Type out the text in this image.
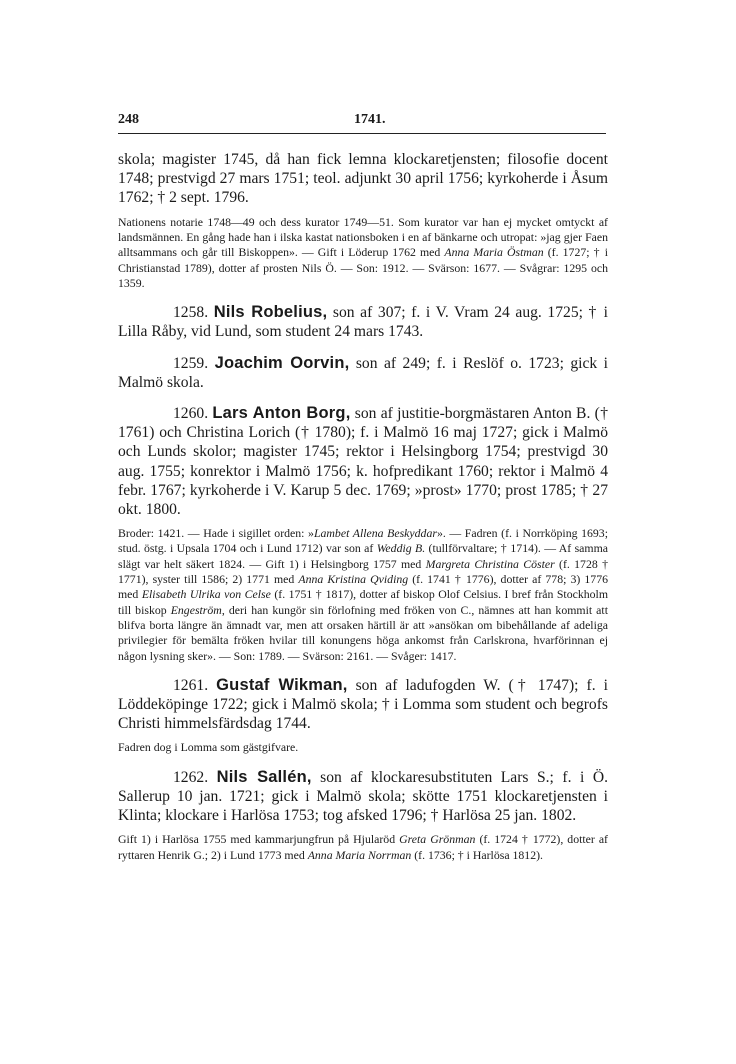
248	1741.

skola; magister 1745, då han fick lemna klockaretjensten; filosofie docent 1748; prestvigd 27 mars 1751; teol. adjunkt 30 april 1756; kyrkoherde i Åsum 1762; † 2 sept. 1796.

Nationens notarie 1748—49 och dess kurator 1749—51. Som kurator var han ej mycket omtyckt af landsmännen. En gång hade han i ilska kastat nationsboken i en af bänkarne och utropat: »jag gjer Faen alltsammans och går till Biskoppen». — Gift i Löderup 1762 med Anna Maria Östman (f. 1727; † i Christianstad 1789), dotter af prosten Nils Ö. — Son: 1912. — Svärson: 1677. — Svågrar: 1295 och 1359.

1258. Nils Robelius, son af 307; f. i V. Vram 24 aug. 1725; † i Lilla Råby, vid Lund, som student 24 mars 1743.

1259. Joachim Oorvin, son af 249; f. i Reslöf o. 1723; gick i Malmö skola.

1260. Lars Anton Borg, son af justitie-borgmästaren Anton B. († 1761) och Christina Lorich († 1780); f. i Malmö 16 maj 1727; gick i Malmö och Lunds skolor; magister 1745; rektor i Helsingborg 1754; prestvigd 30 aug. 1755; konrektor i Malmö 1756; k. hofpredikant 1760; rektor i Malmö 4 febr. 1767; kyrkoherde i V. Karup 5 dec. 1769; »prost» 1770; prost 1785; † 27 okt. 1800.

Broder: 1421. — Hade i sigillet orden: »Lambet Allena Beskyddar». — Fadren (f. i Norrköping 1693; stud. östg. i Upsala 1704 och i Lund 1712) var son af Weddig B. (tullförvaltare; † 1714). — Af samma slägt var helt säkert 1824. — Gift 1) i Helsingborg 1757 med Margreta Christina Cöster (f. 1728 † 1771), syster till 1586; 2) 1771 med Anna Kristina Qviding (f. 1741 † 1776), dotter af 778; 3) 1776 med Elisabeth Ulrika von Celse (f. 1751 † 1817), dotter af biskop Olof Celsius. I bref från Stockholm till biskop Engeström, deri han kungör sin förlofning med fröken von C., nämnes att han kommit att blifva borta längre än ämnadt var, men att orsaken härtill är att »ansökan om bibehållande af adeliga privilegier för bemälta fröken hvilar till konungens höga ankomst från Carlskrona, hvarförinnan ej någon lysning sker». — Son: 1789. — Svärson: 2161. — Svåger: 1417.

1261. Gustaf Wikman, son af ladufogden W. († 1747); f. i Löddeköpinge 1722; gick i Malmö skola; † i Lomma som student och begrofs Christi himmelsfärdsdag 1744.

Fadren dog i Lomma som gästgifvare.

1262. Nils Sallén, son af klockaresubstituten Lars S.; f. i Ö. Sallerup 10 jan. 1721; gick i Malmö skola; skötte 1751 klockaretjensten i Klinta; klockare i Harlösa 1753; tog afsked 1796; † Harlösa 25 jan. 1802.

Gift 1) i Harlösa 1755 med kammarjungfrun på Hjularöd Greta Grönman (f. 1724 † 1772), dotter af ryttaren Henrik G.; 2) i Lund 1773 med Anna Maria Norrman (f. 1736; † i Harlösa 1812).
